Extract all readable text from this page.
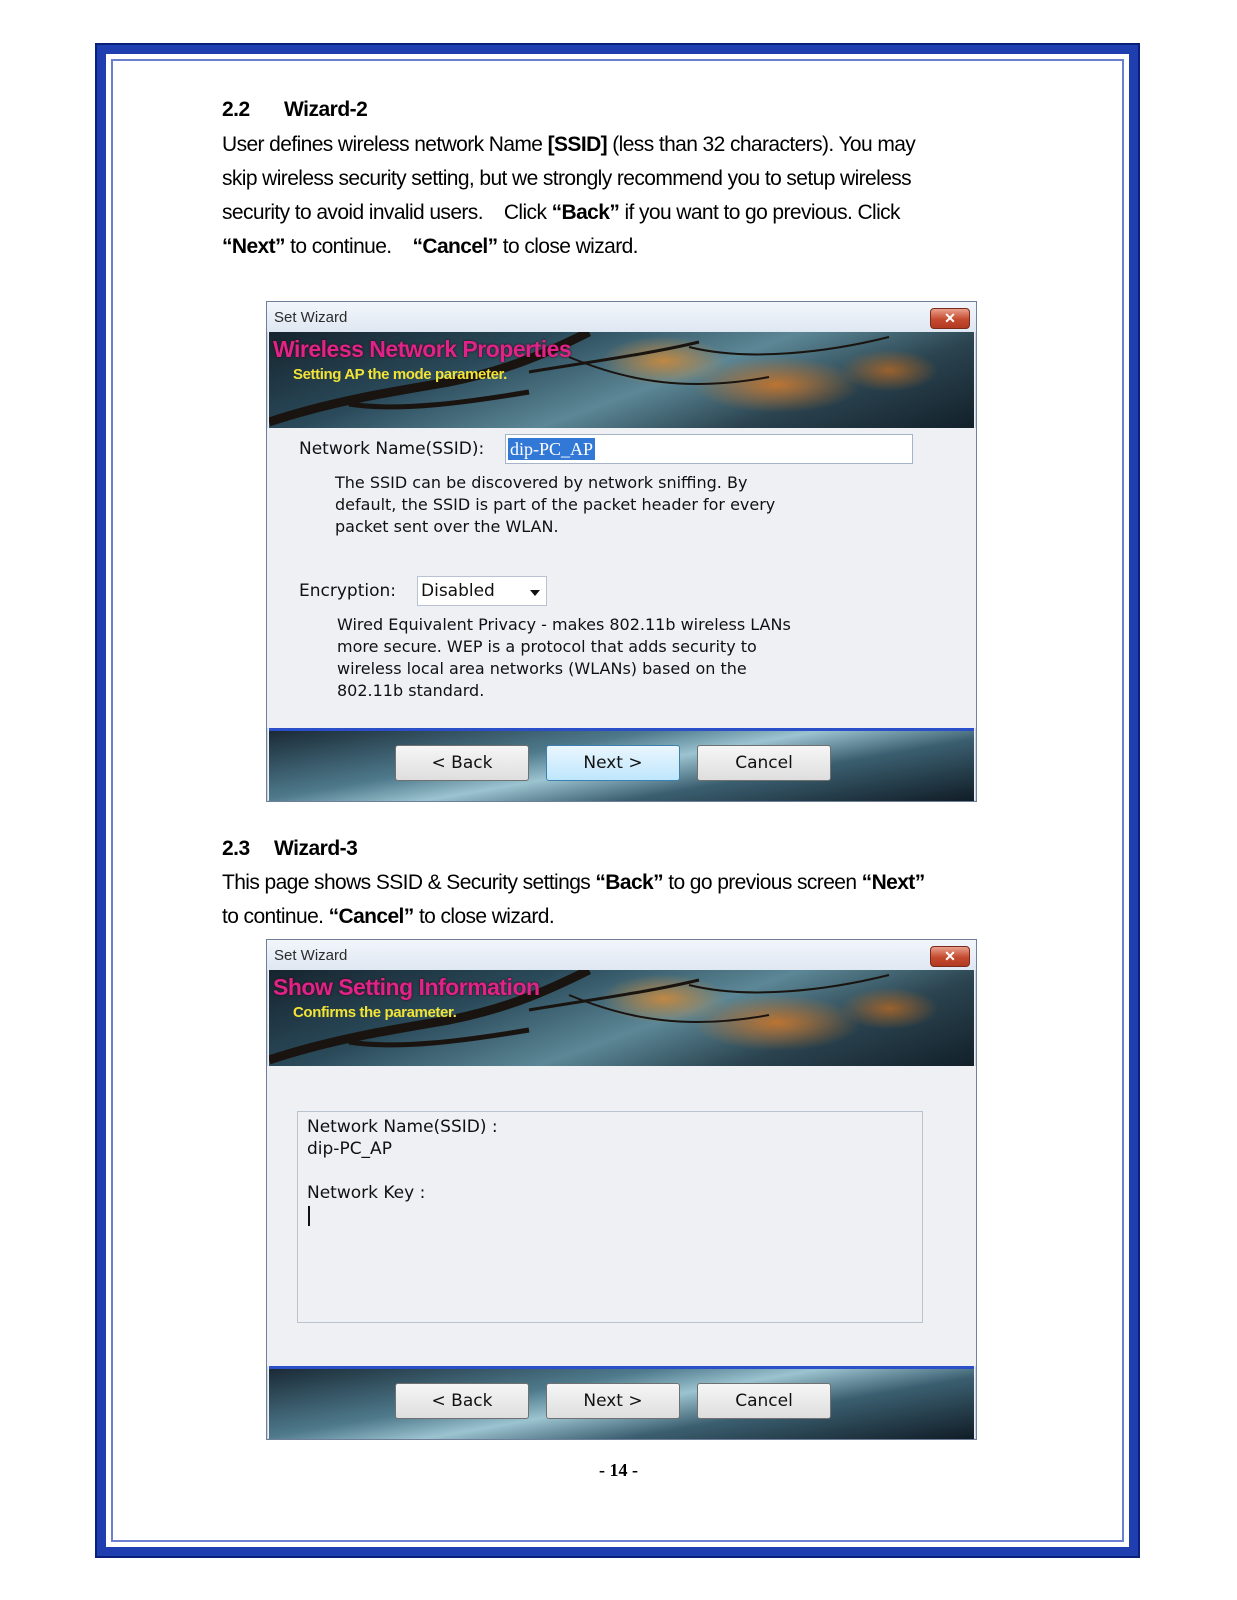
2.2 Wizard-2
User defines wireless network Name [SSID] (less than 32 characters). You may
skip wireless security setting, but we strongly recommend you to setup wireless
security to avoid invalid users.    Click “Back” if you want to go previous. Click
“Next” to continue.    “Cancel” to close wizard.
Set Wizard	✕
Wireless Network Properties
Setting AP the mode parameter.
Network Name(SSID): dip-PC_AP
The SSID can be discovered by network sniffing. By
default, the SSID is part of the packet header for every
packet sent over the WLAN.
Encryption: Disabled
Wired Equivalent Privacy - makes 802.11b wireless LANs
more secure. WEP is a protocol that adds security to
wireless local area networks (WLANs) based on the
802.11b standard.
< Back	Next >	Cancel
2.3 Wizard-3
This page shows SSID & Security settings “Back” to go previous screen “Next”
to continue. “Cancel” to close wizard.
Set Wizard	✕
Show Setting Information
Confirms the parameter.
Network Name(SSID) :
dip-PC_AP
Network Key :
< Back	Next >	Cancel
- 14 -
